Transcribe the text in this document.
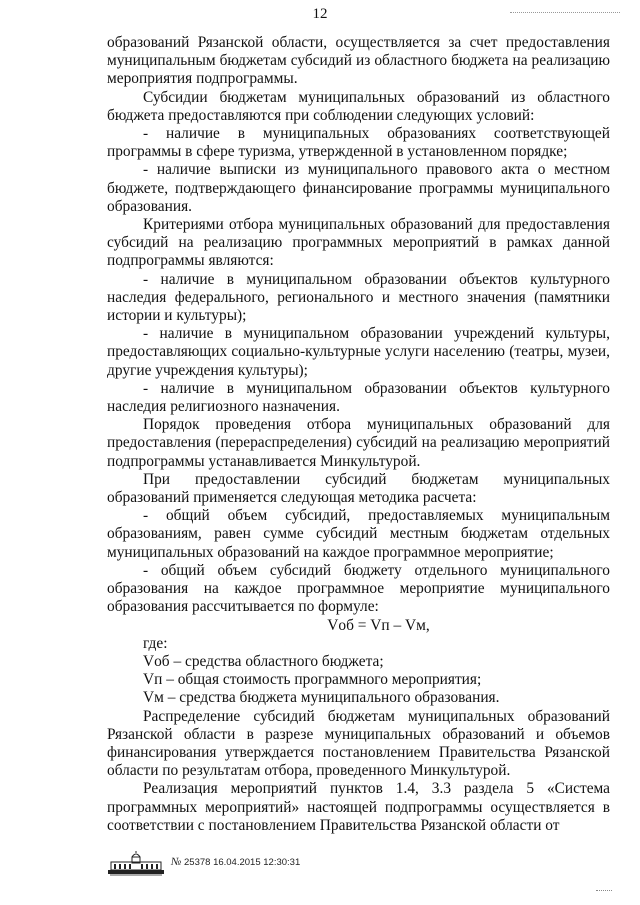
12

образований Рязанской области, осуществляется за счет предоставления муниципальным бюджетам субсидий из областного бюджета на реализацию мероприятия подпрограммы.

Субсидии бюджетам муниципальных образований из областного бюджета предоставляются при соблюдении следующих условий:

- наличие в муниципальных образованиях соответствующей программы в сфере туризма, утвержденной в установленном порядке;

- наличие выписки из муниципального правового акта о местном бюджете, подтверждающего финансирование программы муниципального образования.

Критериями отбора муниципальных образований для предоставления субсидий на реализацию программных мероприятий в рамках данной подпрограммы являются:

- наличие в муниципальном образовании объектов культурного наследия федерального, регионального и местного значения (памятники истории и культуры);

- наличие в муниципальном образовании учреждений культуры, предоставляющих социально-культурные услуги населению (театры, музеи, другие учреждения культуры);

- наличие в муниципальном образовании объектов культурного наследия религиозного назначения.

Порядок проведения отбора муниципальных образований для предоставления (перераспределения) субсидий на реализацию мероприятий подпрограммы устанавливается Минкультурой.

При предоставлении субсидий бюджетам муниципальных образований применяется следующая методика расчета:

- общий объем субсидий, предоставляемых муниципальным образованиям, равен сумме субсидий местным бюджетам отдельных муниципальных образований на каждое программное мероприятие;

- общий объем субсидий бюджету отдельного муниципального образования на каждое программное мероприятие муниципального образования рассчитывается по формуле:

Vоб = Vп – Vм,

где:

Vоб – средства областного бюджета;

Vп – общая стоимость программного мероприятия;

Vм – средства бюджета муниципального образования.

Распределение субсидий бюджетам муниципальных образований Рязанской области в разрезе муниципальных образований и объемов финансирования утверждается постановлением Правительства Рязанской области по результатам отбора, проведенного Минкультурой.

Реализация мероприятий пунктов 1.4, 3.3 раздела 5 «Система программных мероприятий» настоящей подпрограммы осуществляется в соответствии с постановлением Правительства Рязанской области от

№ 25378 16.04.2015 12:30:31
